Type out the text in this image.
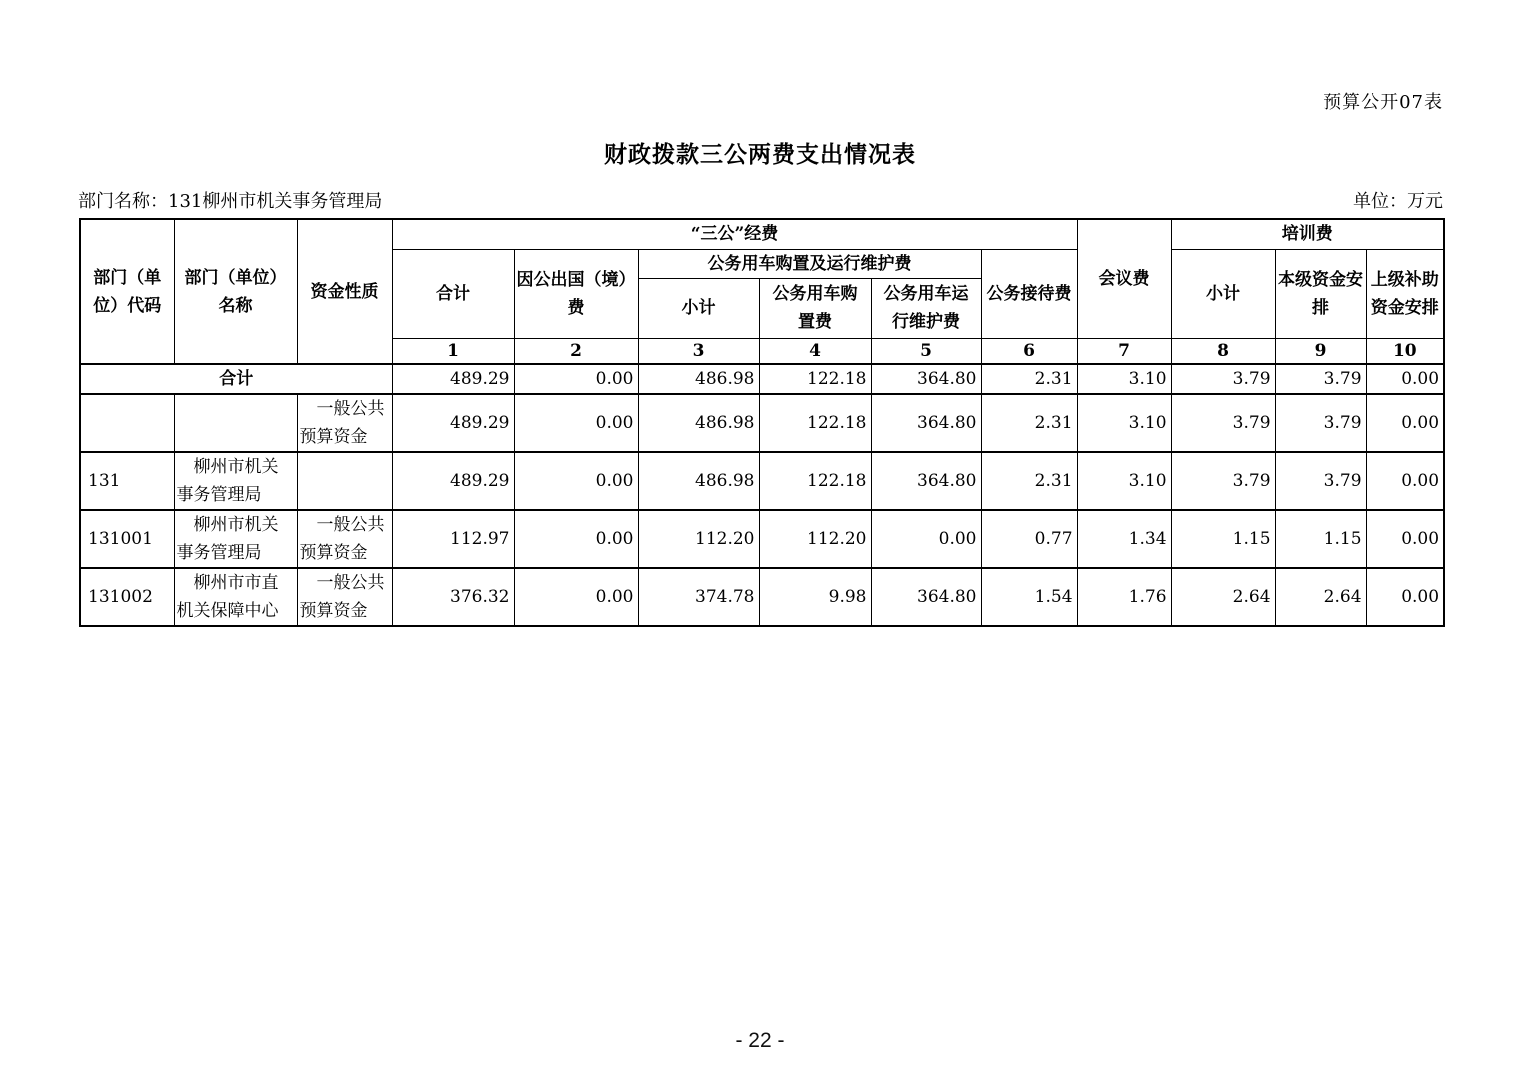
预算公开07表
财政拨款三公两费支出情况表
部门名称：131柳州市机关事务管理局	单位：万元
部门（单位）代码	部门（单位）名称	资金性质	“三公”经费						会议费	培训费		
			合计	因公出国（境）费	公务用车购置及运行维护费			公务接待费		小计	本级资金安排	上级补助资金安排
					小计	公务用车购置费	公务用车运行维护费					
			1	2	3	4	5	6	7	8	9	10
合计			489.29	0.00	486.98	122.18	364.80	2.31	3.10	3.79	3.79	0.00
		一般公共预算资金	489.29	0.00	486.98	122.18	364.80	2.31	3.10	3.79	3.79	0.00
131	柳州市机关事务管理局		489.29	0.00	486.98	122.18	364.80	2.31	3.10	3.79	3.79	0.00
131001	柳州市机关事务管理局	一般公共预算资金	112.97	0.00	112.20	112.20	0.00	0.77	1.34	1.15	1.15	0.00
131002	柳州市市直机关保障中心	一般公共预算资金	376.32	0.00	374.78	9.98	364.80	1.54	1.76	2.64	2.64	0.00
- 22 -
